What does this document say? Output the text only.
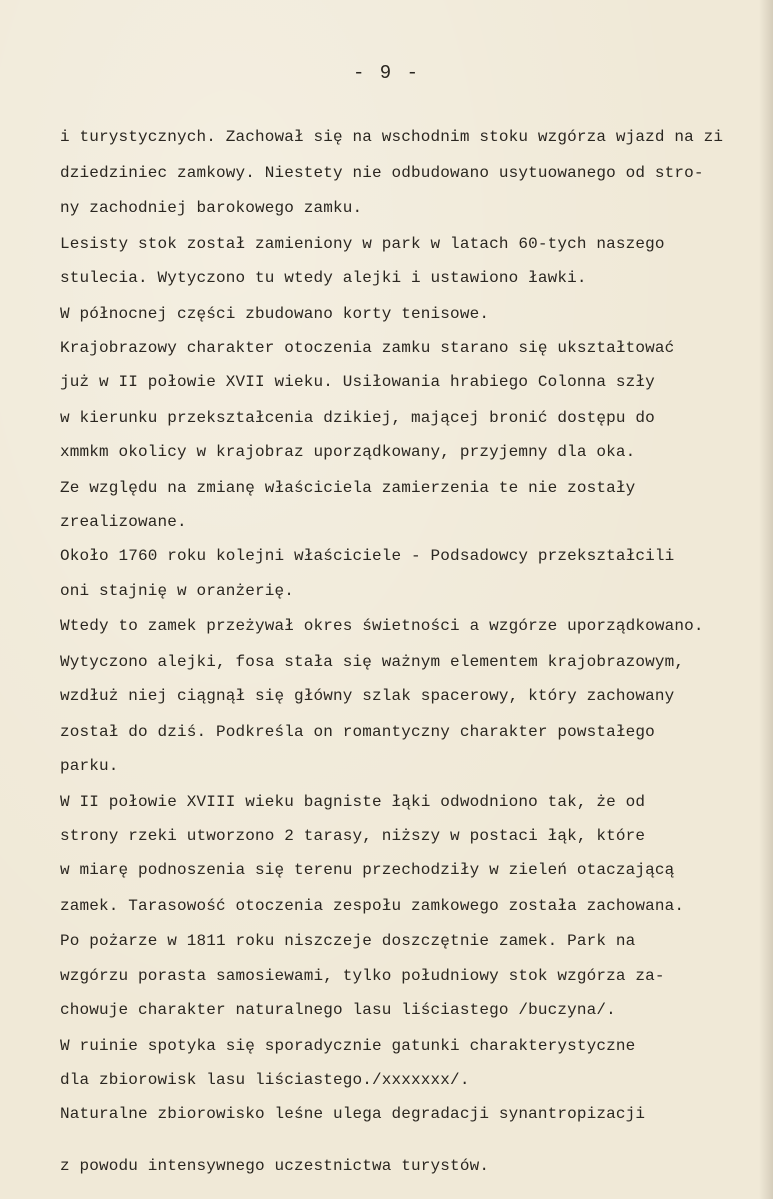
- 9 -
i turystycznych. Zachował się na wschodnim stoku wzgórza wjazd na zi
dziedziniec zamkowy. Niestety nie odbudowano usytuowanego od stro-
ny zachodniej barokowego zamku.
Lesisty stok został zamieniony w park w latach 60-tych naszego
stulecia. Wytyczono tu wtedy alejki i ustawiono ławki.
W północnej części zbudowano korty tenisowe.
Krajobrazowy charakter otoczenia zamku starano się ukształtować
już w II połowie XVII wieku. Usiłowania hrabiego Colonna szły
w kierunku przekształcenia dzikiej, mającej bronić dostępu do
xmmkm okolicy w krajobraz uporządkowany, przyjemny dla oka.
Ze względu na zmianę właściciela zamierzenia te nie zostały
zrealizowane.
Około 1760 roku kolejni właściciele - Podsadowcy przekształcili
oni stajnię w oranżerię.
Wtedy to zamek przeżywał okres świetności a wzgórze uporządkowano.
Wytyczono alejki, fosa stała się ważnym elementem krajobrazowym,
wzdłuż niej ciągnął się główny szlak spacerowy, który zachowany
został do dziś. Podkreśla on romantyczny charakter powstałego
parku.
W II połowie XVIII wieku bagniste łąki odwodniono tak, że od
strony rzeki utworzono 2 tarasy, niższy w postaci łąk, które
w miarę podnoszenia się terenu przechodziły w zieleń otaczającą
zamek. Tarasowość otoczenia zespołu zamkowego została zachowana.
Po pożarze w 1811 roku niszczeje doszczętnie zamek. Park na
wzgórzu porasta samosiewami, tylko południowy stok wzgórza za-
chowuje charakter naturalnego lasu liściastego /buczyna/.
W ruinie spotyka się sporadycznie gatunki charakterystyczne
dla zbiorowisk lasu liściastego./xxxxxxx/.
Naturalne zbiorowisko leśne ulega degradacji synantropizacji
z powodu intensywnego uczestnictwa turystów.
